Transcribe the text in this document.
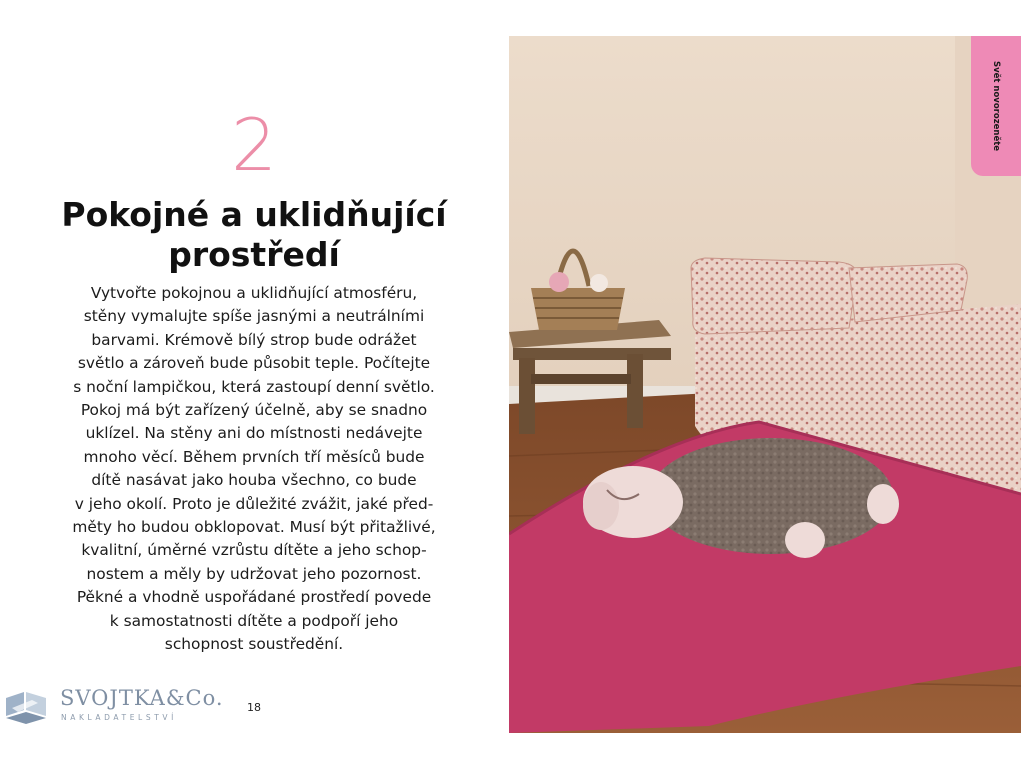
2
Pokojné a uklidňující prostředí
Vytvořte pokojnou a uklidňující atmosféru,
stěny vymalujte spíše jasnými a neutrálními
barvami. Krémově bílý strop bude odrážet
světlo a zároveň bude působit teple. Počítejte
s noční lampičkou, která zastoupí denní světlo.
Pokoj má být zařízený účelně, aby se snadno
uklízel. Na stěny ani do místnosti nedávejte
mnoho věcí. Během prvních tří měsíců bude
dítě nasávat jako houba všechno, co bude
v jeho okolí. Proto je důležité zvážit, jaké před-
měty ho budou obklopovat. Musí být přitažlivé,
kvalitní, úměrné vzrůstu dítěte a jeho schop-
nostem a měly by udržovat jeho pozornost.
Pěkné a vhodně uspořádané prostředí povede
k samostatnosti dítěte a podpoří jeho
schopnost soustředění.
SVOJTKA&Co.
NAKLADATELSTVÍ
18
Svět novorozeněte
